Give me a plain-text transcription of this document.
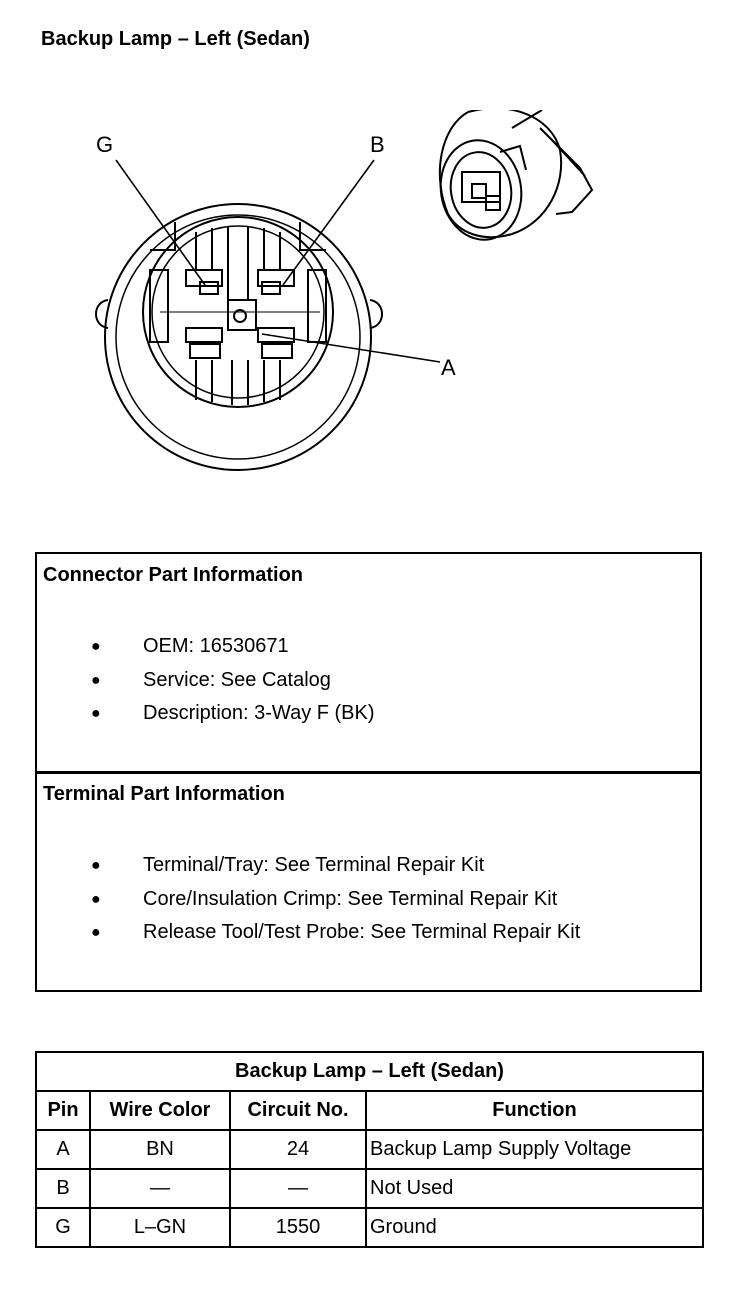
Backup Lamp – Left (Sedan)
G	B
A
Connector Part Information
● OEM: 16530671
● Service: See Catalog
● Description: 3-Way F (BK)
Terminal Part Information
● Terminal/Tray: See Terminal Repair Kit
● Core/Insulation Crimp: See Terminal Repair Kit
● Release Tool/Test Probe: See Terminal Repair Kit
Backup Lamp – Left (Sedan)			
Pin	Wire Color	Circuit No.	Function
A	BN	24	Backup Lamp Supply Voltage
B	—	—	Not Used
G	L–GN	1550	Ground
